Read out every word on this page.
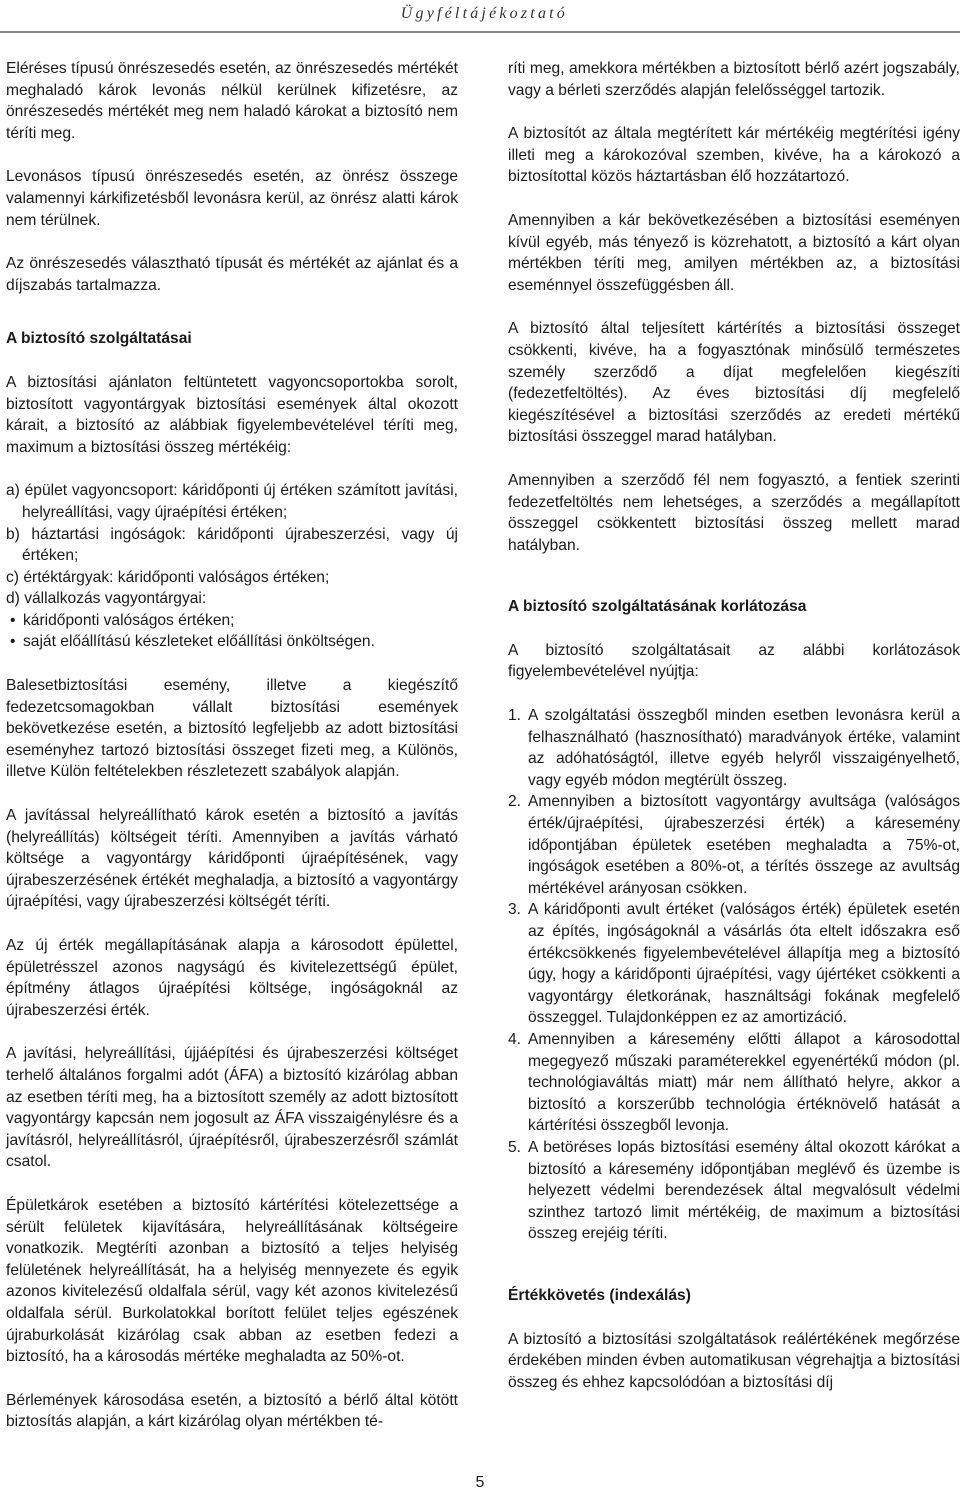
Ügyféltájékoztató

Eléréses típusú önrészesedés esetén, az önrészesedés mértékét meghaladó károk levonás nélkül kerülnek kifizetésre, az önrészesedés mértékét meg nem haladó károkat a biztosító nem téríti meg.

Levonásos típusú önrészesedés esetén, az önrész összege valamennyi kárkifizetésből levonásra kerül, az önrész alatti károk nem térülnek.

Az önrészesedés választható típusát és mértékét az ajánlat és a díjszabás tartalmazza.

A biztosító szolgáltatásai

A biztosítási ajánlaton feltüntetett vagyoncsoportokba sorolt, biztosított vagyontárgyak biztosítási események által okozott kárait, a biztosító az alábbiak figyelembevételével téríti meg, maximum a biztosítási összeg mértékéig:

a) épület vagyoncsoport: káridőponti új értéken számított javítási, helyreállítási, vagy újraépítési értéken;
b) háztartási ingóságok: káridőponti újrabeszerzési, vagy új értéken;
c) értéktárgyak: káridőponti valóságos értéken;
d) vállalkozás vagyontárgyai:
• káridőponti valóságos értéken;
• saját előállítású készleteket előállítási önköltségen.

Balesetbiztosítási esemény, illetve a kiegészítő fedezetcsomagokban vállalt biztosítási események bekövetkezése esetén, a biztosító legfeljebb az adott biztosítási eseményhez tartozó biztosítási összeget fizeti meg, a Különös, illetve Külön feltételekben részletezett szabályok alapján.

A javítással helyreállítható károk esetén a biztosító a javítás (helyreállítás) költségeit téríti. Amennyiben a javítás várható költsége a vagyontárgy káridőponti újraépítésének, vagy újrabeszerzésének értékét meghaladja, a biztosító a vagyontárgy újraépítési, vagy újrabeszerzési költségét téríti.

Az új érték megállapításának alapja a károsodott épülettel, épületrésszel azonos nagyságú és kivitelezettségű épület, építmény átlagos újraépítési költsége, ingóságoknál az újrabeszerzési érték.

A javítási, helyreállítási, újjáépítési és újrabeszerzési költséget terhelő általános forgalmi adót (ÁFA) a biztosító kizárólag abban az esetben téríti meg, ha a biztosított személy az adott biztosított vagyontárgy kapcsán nem jogosult az ÁFA visszaigénylésre és a javításról, helyreállításról, újraépítésről, újrabeszerzésről számlát csatol.

Épületkárok esetében a biztosító kártérítési kötelezettsége a sérült felületek kijavítására, helyreállításának költségeire vonatkozik. Megtéríti azonban a biztosító a teljes helyiség felületének helyreállítását, ha a helyiség mennyezete és egyik azonos kivitelezésű oldalfala sérül, vagy két azonos kivitelezésű oldalfala sérül. Burkolatokkal borított felület teljes egészének újraburkolását kizárólag csak abban az esetben fedezi a biztosító, ha a károsodás mértéke meghaladta az 50%-ot.

Bérlemények károsodása esetén, a biztosító a bérlő által kötött biztosítás alapján, a kárt kizárólag olyan mértékben té-

ríti meg, amekkora mértékben a biztosított bérlő azért jogszabály, vagy a bérleti szerződés alapján felelősséggel tartozik.

A biztosítót az általa megtérített kár mértékéig megtérítési igény illeti meg a károkozóval szemben, kivéve, ha a károkozó a biztosítottal közös háztartásban élő hozzátartozó.

Amennyiben a kár bekövetkezésében a biztosítási eseményen kívül egyéb, más tényező is közrehatott, a biztosító a kárt olyan mértékben téríti meg, amilyen mértékben az, a biztosítási eseménnyel összefüggésben áll.

A biztosító által teljesített kártérítés a biztosítási összeget csökkenti, kivéve, ha a fogyasztónak minősülő természetes személy szerződő a díjat megfelelően kiegészíti (fedezetfeltöltés). Az éves biztosítási díj megfelelő kiegészítésével a biztosítási szerződés az eredeti mértékű biztosítási összeggel marad hatályban.

Amennyiben a szerződő fél nem fogyasztó, a fentiek szerinti fedezetfeltöltés nem lehetséges, a szerződés a megállapított összeggel csökkentett biztosítási összeg mellett marad hatályban.

A biztosító szolgáltatásának korlátozása

A biztosító szolgáltatásait az alábbi korlátozások figyelembevételével nyújtja:

1. A szolgáltatási összegből minden esetben levonásra kerül a felhasználható (hasznosítható) maradványok értéke, valamint az adóhatóságtól, illetve egyéb helyről visszaigényelhető, vagy egyéb módon megtérült összeg.
2. Amennyiben a biztosított vagyontárgy avultsága (valóságos érték/újraépítési, újrabeszerzési érték) a káresemény időpontjában épületek esetében meghaladta a 75%-ot, ingóságok esetében a 80%-ot, a térítés összege az avultság mértékével arányosan csökken.
3. A káridőponti avult értéket (valóságos érték) épületek esetén az építés, ingóságoknál a vásárlás óta eltelt időszakra eső értékcsökkenés figyelembevételével állapítja meg a biztosító úgy, hogy a káridőponti újraépítési, vagy újértéket csökkenti a vagyontárgy életkorának, használtsági fokának megfelelő összeggel. Tulajdonképpen ez az amortizáció.
4. Amennyiben a káresemény előtti állapot a károsodottal megegyező műszaki paraméterekkel egyenértékű módon (pl. technológiaváltás miatt) már nem állítható helyre, akkor a biztosító a korszerűbb technológia értéknövelő hatását a kártérítési összegből levonja.
5. A betöréses lopás biztosítási esemény által okozott kárókat a biztosító a káresemény időpontjában meglévő és üzembe is helyezett védelmi berendezések által megvalósult védelmi szinthez tartozó limit mértékéig, de maximum a biztosítási összeg erejéig téríti.
Értékkövetés (indexálás)

A biztosító a biztosítási szolgáltatások reálértékének megőrzése érdekében minden évben automatikusan végrehajtja a biztosítási összeg és ehhez kapcsolódóan a biztosítási díj

5
